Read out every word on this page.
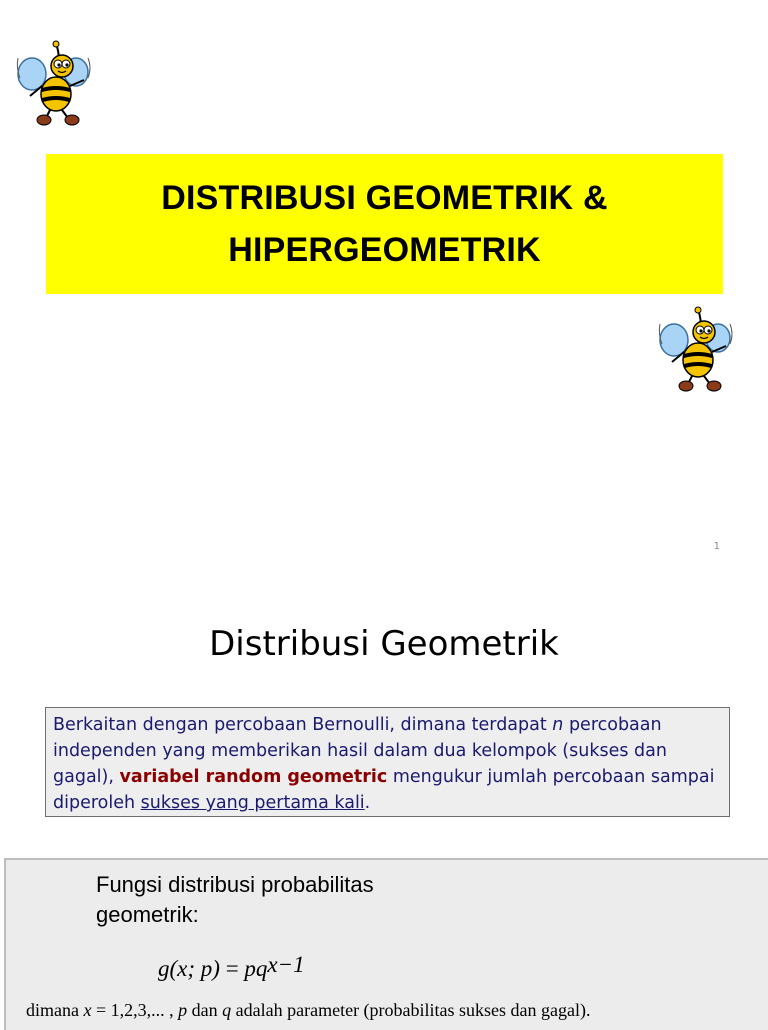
DISTRIBUSI GEOMETRIK &
HIPERGEOMETRIK
1
Distribusi Geometrik
Berkaitan dengan percobaan Bernoulli, dimana terdapat n percobaan independen yang memberikan hasil dalam dua kelompok (sukses dan gagal), variabel random geometric mengukur jumlah percobaan sampai diperoleh sukses yang pertama kali.
Fungsi distribusi probabilitas
geometrik:
g(x; $p) = pq^{x-1}$
dimana x = 1,2,3,... , p dan q adalah parameter (probabilitas sukses dan gagal).
